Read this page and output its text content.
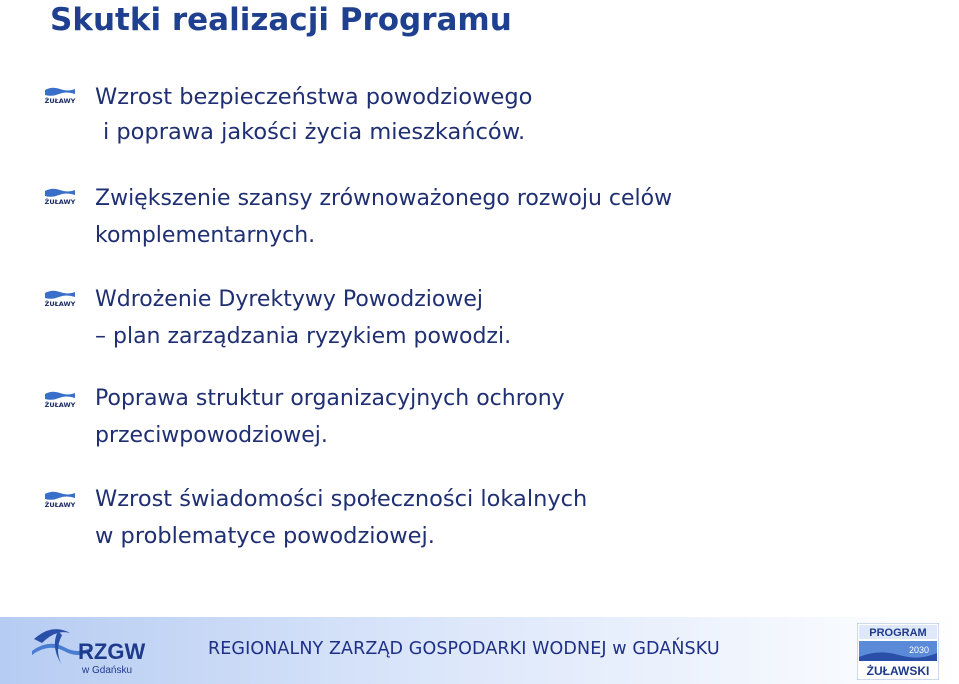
Skutki realizacji Programu
ŻUŁAWY Wzrost bezpieczeństwa powodziowego
i poprawa jakości życia mieszkańców.
ŻUŁAWY Zwiększenie szansy zrównoważonego rozwoju celów
komplementarnych.
ŻUŁAWY Wdrożenie Dyrektywy Powodziowej
– plan zarządzania ryzykiem powodzi.
ŻUŁAWY Poprawa struktur organizacyjnych ochrony
przeciwpowodziowej.
ŻUŁAWY Wzrost świadomości społeczności lokalnych
w problematyce powodziowej.
RZGW
w Gdańsku
REGIONALNY ZARZĄD GOSPODARKI WODNEJ w GDAŃSKU
PROGRAM
2030
ŻUŁAWSKI
